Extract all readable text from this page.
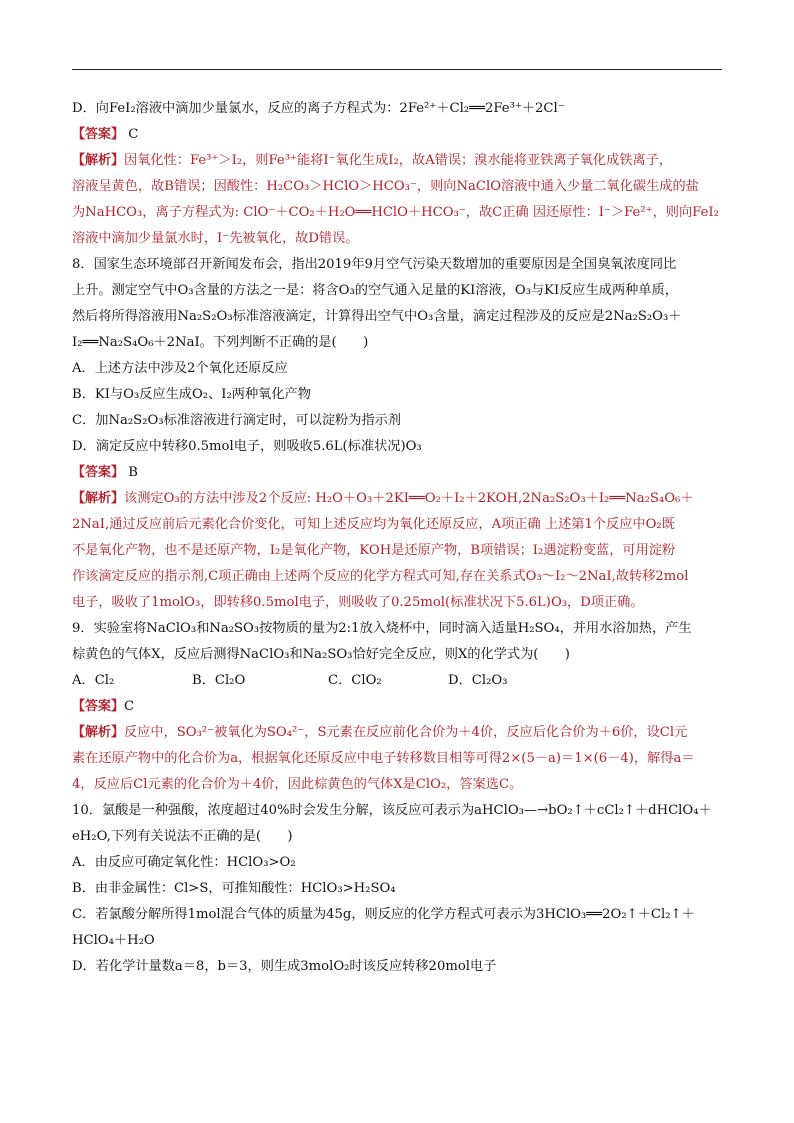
D．向FeI₂溶液中滴加少量氯水，反应的离子方程式为：2Fe²⁺＋Cl₂══2Fe³⁺＋2Cl⁻
【答案】 C
【解析】因氧化性：Fe³⁺＞I₂，则Fe³⁺能将I⁻氧化生成I₂，故A错误；溴水能将亚铁离子氧化成铁离子，
溶液呈黄色，故B错误；因酸性：H₂CO₃＞HClO＞HCO₃⁻，则向NaClO溶液中通入少量二氧化碳生成的盐
为NaHCO₃，离子方程式为: ClO⁻＋CO₂＋H₂O══HClO＋HCO₃⁻，故C正确 因还原性：I⁻＞Fe²⁺，则向FeI₂
溶液中滴加少量氯水时，I⁻先被氧化，故D错误。
8．国家生态环境部召开新闻发布会，指出2019年9月空气污染天数增加的重要原因是全国臭氧浓度同比
上升。测定空气中O₃含量的方法之一是：将含O₃的空气通入足量的KI溶液，O₃与KI反应生成两种单质，
然后将所得溶液用Na₂S₂O₃标准溶液滴定，计算得出空气中O₃含量，滴定过程涉及的反应是2Na₂S₂O₃＋
I₂══Na₂S₄O₆＋2NaI。下列判断不正确的是(　　)
A．上述方法中涉及2个氧化还原反应
B．KI与O₃反应生成O₂、I₂两种氧化产物
C．加Na₂S₂O₃标准溶液进行滴定时，可以淀粉为指示剂
D．滴定反应中转移0.5mol电子，则吸收5.6L(标准状况)O₃
【答案】 B
【解析】该测定O₃的方法中涉及2个反应: H₂O＋O₃＋2KI══O₂＋I₂＋2KOH,2Na₂S₂O₃＋I₂══Na₂S₄O₆＋
2NaI,通过反应前后元素化合价变化，可知上述反应均为氧化还原反应，A项正确 上述第1个反应中O₂既
不是氧化产物，也不是还原产物，I₂是氧化产物，KOH是还原产物，B项错误；I₂遇淀粉变蓝，可用淀粉
作该滴定反应的指示剂,C项正确由上述两个反应的化学方程式可知,存在关系式O₃～I₂～2NaI,故转移2mol
电子，吸收了1molO₃，即转移0.5mol电子，则吸收了0.25mol(标准状况下5.6L)O₃，D项正确。
9．实验室将NaClO₃和Na₂SO₃按物质的量为2:1放入烧杯中，同时滴入适量H₂SO₄，并用水浴加热，产生
棕黄色的气体X，反应后测得NaClO₃和Na₂SO₃恰好完全反应，则X的化学式为(　　)
A．Cl₂	B．Cl₂O	C．ClO₂	D．Cl₂O₃
【答案】C
【解析】反应中，SO₃²⁻被氧化为SO₄²⁻，S元素在反应前化合价为＋4价，反应后化合价为＋6价，设Cl元
素在还原产物中的化合价为a，根据氧化还原反应中电子转移数目相等可得2×(5－a)＝1×(6－4)，解得a＝
4，反应后Cl元素的化合价为＋4价，因此棕黄色的气体X是ClO₂，答案选C。
10．氯酸是一种强酸，浓度超过40%时会发生分解，该反应可表示为aHClO₃—→bO₂↑＋cCl₂↑＋dHClO₄＋
eH₂O,下列有关说法不正确的是(　　)
A．由反应可确定氧化性：HClO₃>O₂
B．由非金属性：Cl>S，可推知酸性：HClO₃>H₂SO₄
C．若氯酸分解所得1mol混合气体的质量为45g，则反应的化学方程式可表示为3HClO₃══2O₂↑＋Cl₂↑＋
HClO₄＋H₂O
D．若化学计量数a＝8，b＝3，则生成3molO₂时该反应转移20mol电子
